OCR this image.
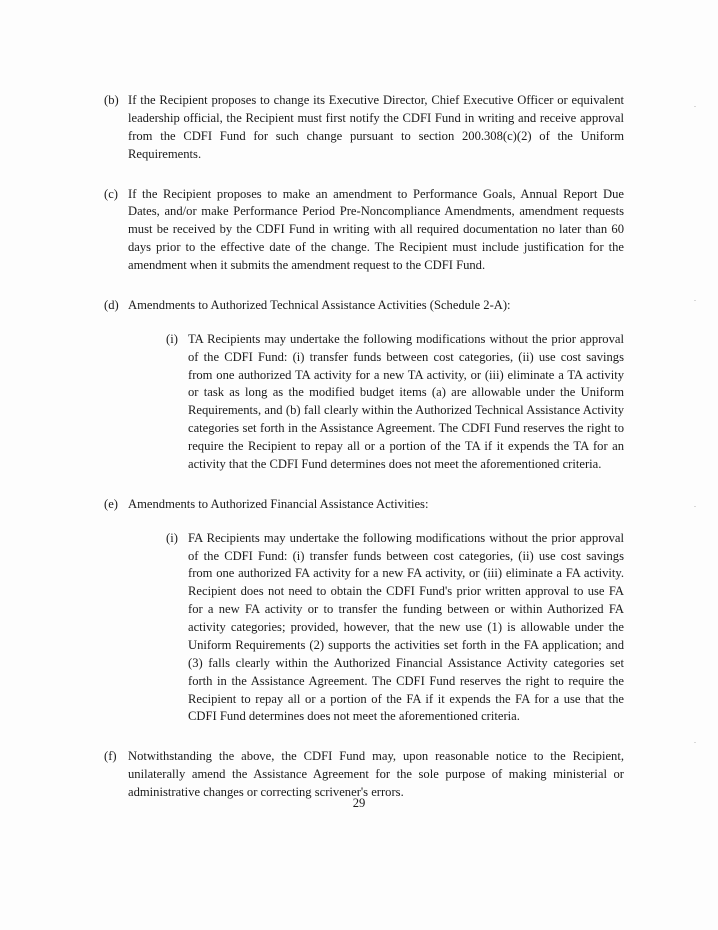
(b) If the Recipient proposes to change its Executive Director, Chief Executive Officer or equivalent leadership official, the Recipient must first notify the CDFI Fund in writing and receive approval from the CDFI Fund for such change pursuant to section 200.308(c)(2) of the Uniform Requirements.
(c) If the Recipient proposes to make an amendment to Performance Goals, Annual Report Due Dates, and/or make Performance Period Pre-Noncompliance Amendments, amendment requests must be received by the CDFI Fund in writing with all required documentation no later than 60 days prior to the effective date of the change. The Recipient must include justification for the amendment when it submits the amendment request to the CDFI Fund.
(d) Amendments to Authorized Technical Assistance Activities (Schedule 2-A):
(i) TA Recipients may undertake the following modifications without the prior approval of the CDFI Fund: (i) transfer funds between cost categories, (ii) use cost savings from one authorized TA activity for a new TA activity, or (iii) eliminate a TA activity or task as long as the modified budget items (a) are allowable under the Uniform Requirements, and (b) fall clearly within the Authorized Technical Assistance Activity categories set forth in the Assistance Agreement. The CDFI Fund reserves the right to require the Recipient to repay all or a portion of the TA if it expends the TA for an activity that the CDFI Fund determines does not meet the aforementioned criteria.
(e) Amendments to Authorized Financial Assistance Activities:
(i) FA Recipients may undertake the following modifications without the prior approval of the CDFI Fund: (i) transfer funds between cost categories, (ii) use cost savings from one authorized FA activity for a new FA activity, or (iii) eliminate a FA activity. Recipient does not need to obtain the CDFI Fund's prior written approval to use FA for a new FA activity or to transfer the funding between or within Authorized FA activity categories; provided, however, that the new use (1) is allowable under the Uniform Requirements (2) supports the activities set forth in the FA application; and (3) falls clearly within the Authorized Financial Assistance Activity categories set forth in the Assistance Agreement. The CDFI Fund reserves the right to require the Recipient to repay all or a portion of the FA if it expends the FA for a use that the CDFI Fund determines does not meet the aforementioned criteria.
(f) Notwithstanding the above, the CDFI Fund may, upon reasonable notice to the Recipient, unilaterally amend the Assistance Agreement for the sole purpose of making ministerial or administrative changes or correcting scrivener's errors.
29
